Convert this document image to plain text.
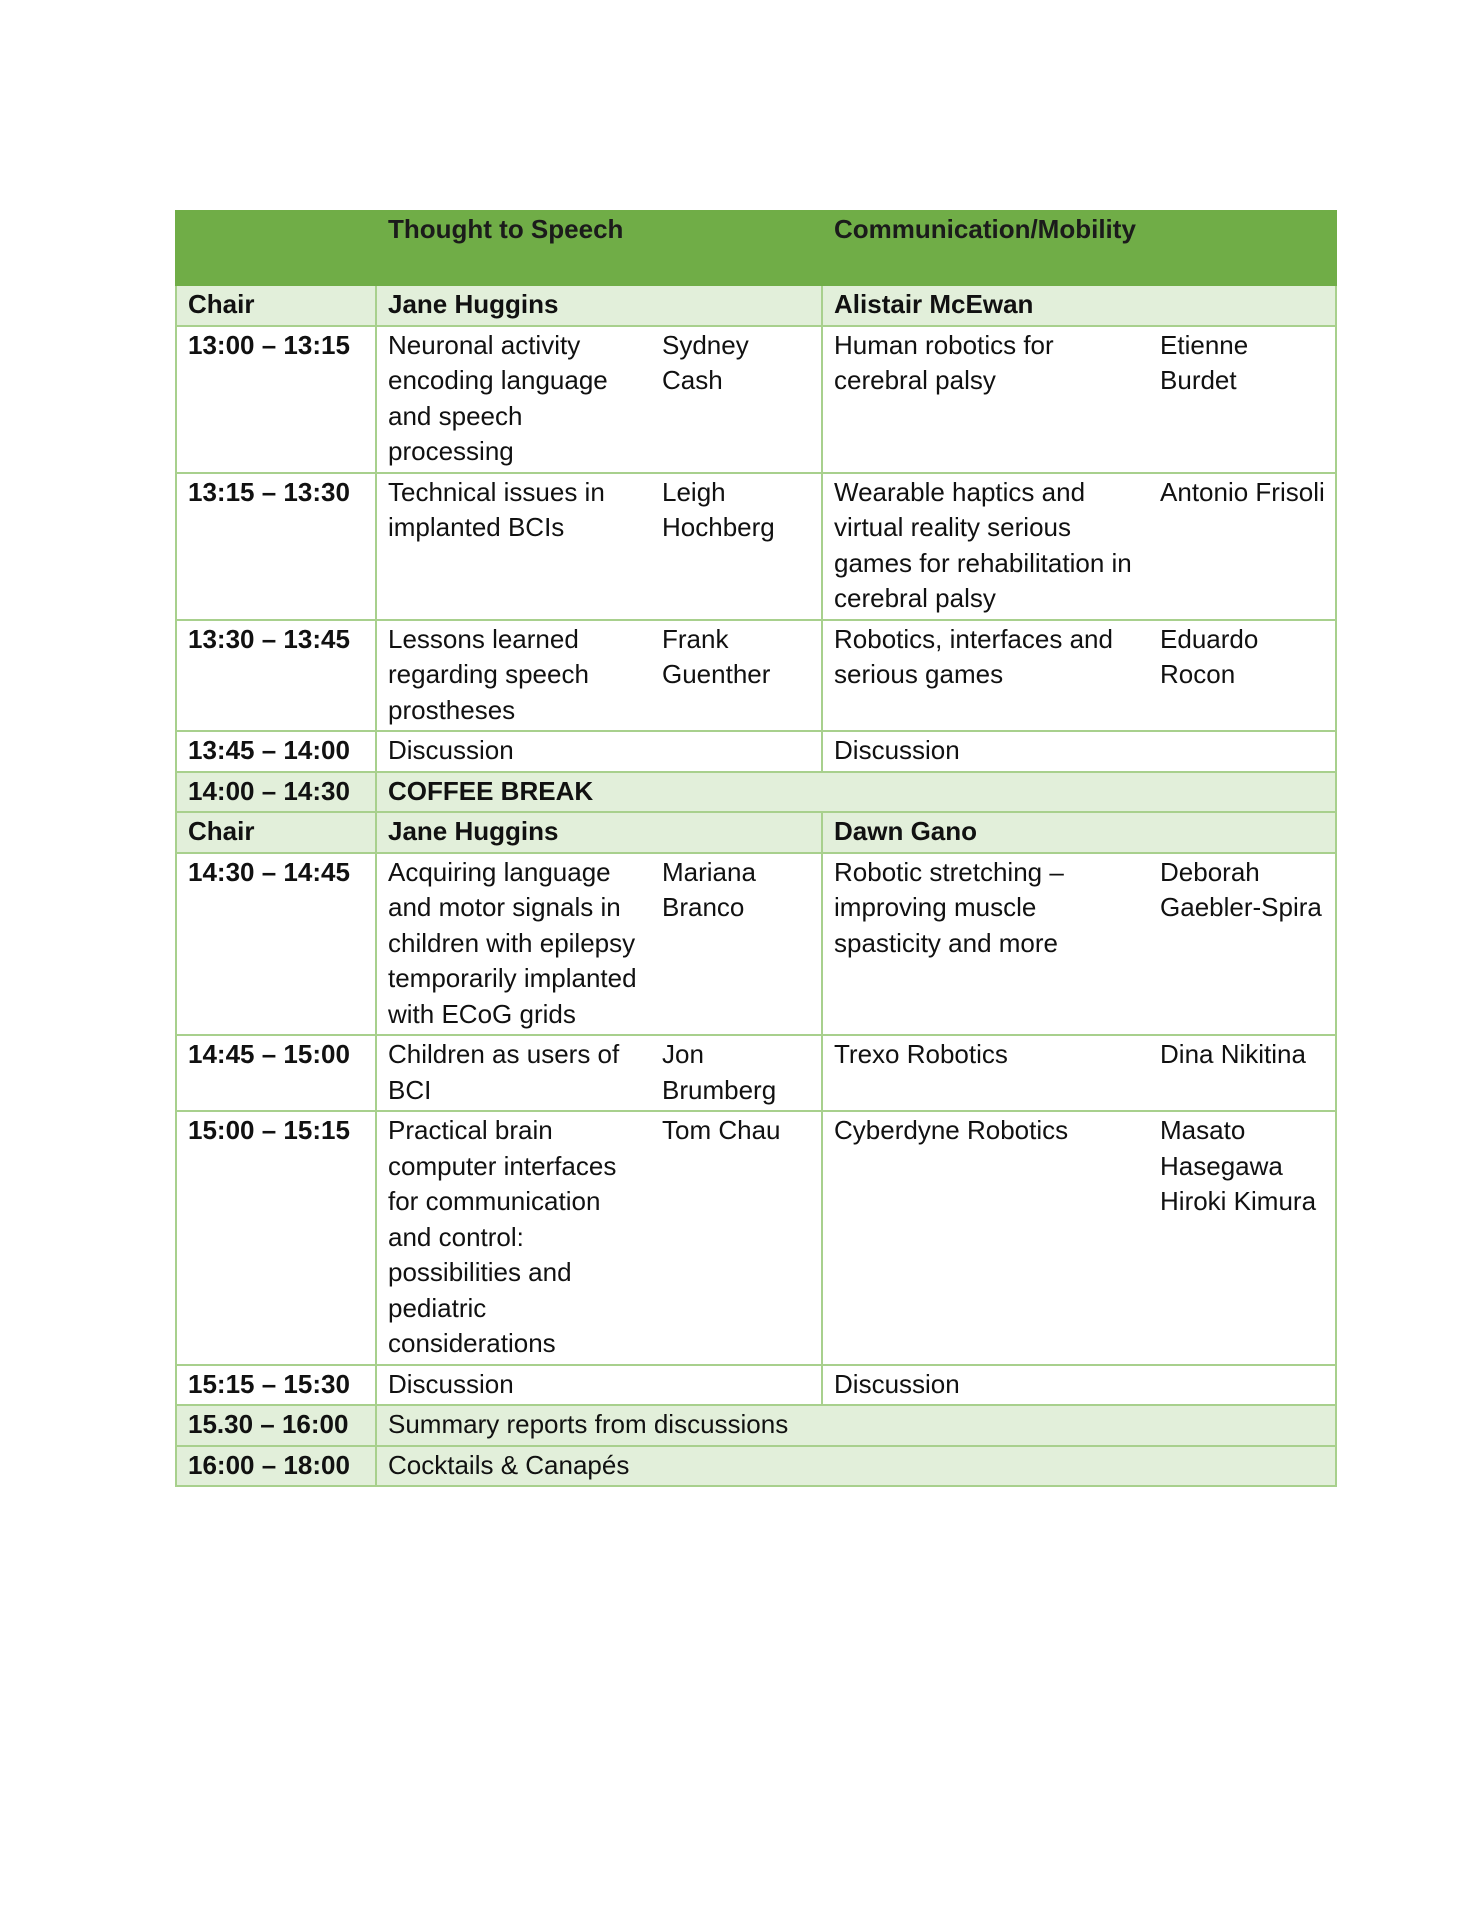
	Thought to Speech		Communication/Mobility	
Chair	Jane Huggins		Alistair McEwan	
13:00 – 13:15	Neuronal activity encoding language and speech processing	Sydney Cash	Human robotics for cerebral palsy	Etienne Burdet
13:15 – 13:30	Technical issues in implanted BCIs	Leigh Hochberg	Wearable haptics and virtual reality serious games for rehabilitation in cerebral palsy	Antonio Frisoli
13:30 – 13:45	Lessons learned regarding speech prostheses	Frank Guenther	Robotics, interfaces and serious games	Eduardo Rocon
13:45 – 14:00	Discussion		Discussion	
14:00 – 14:30	COFFEE BREAK			
Chair	Jane Huggins		Dawn Gano	
14:30 – 14:45	Acquiring language and motor signals in children with epilepsy temporarily implanted with ECoG grids	Mariana Branco	Robotic stretching – improving muscle spasticity and more	Deborah Gaebler-Spira
14:45 – 15:00	Children as users of BCI	Jon Brumberg	Trexo Robotics	Dina Nikitina
15:00 – 15:15	Practical brain computer interfaces for communication and control: possibilities and pediatric considerations	Tom Chau	Cyberdyne Robotics	Masato Hasegawa Hiroki Kimura
15:15 – 15:30	Discussion		Discussion	
15.30 – 16:00	Summary reports from discussions			
16:00 – 18:00	Cocktails & Canapés			
